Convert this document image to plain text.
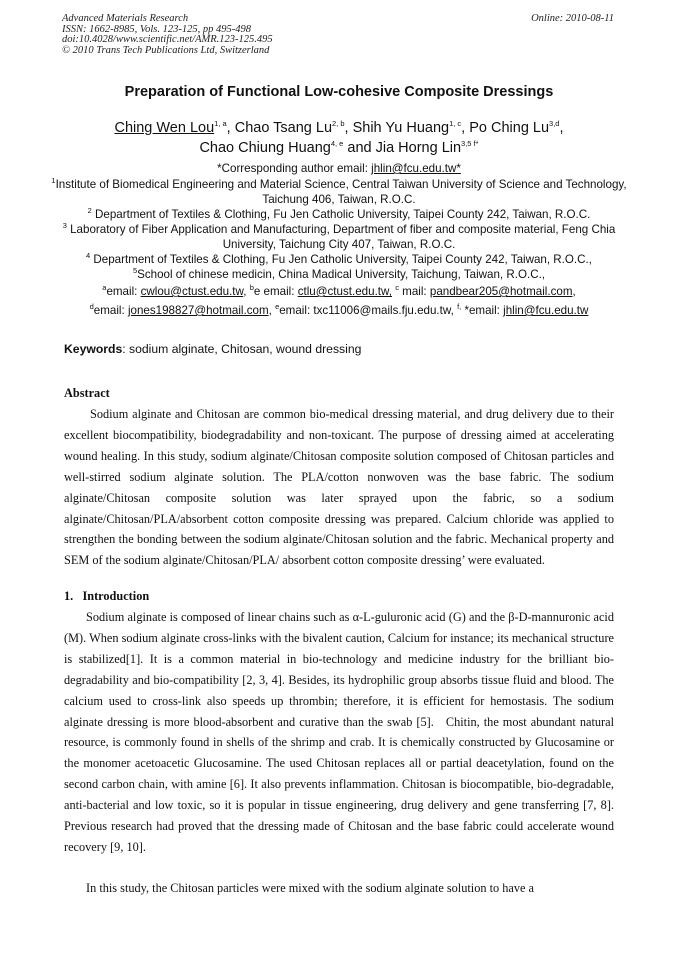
Advanced Materials Research
ISSN: 1662-8985, Vols. 123-125, pp 495-498
doi:10.4028/www.scientific.net/AMR.123-125.495
© 2010 Trans Tech Publications Ltd, Switzerland
Online: 2010-08-11
Preparation of Functional Low-cohesive Composite Dressings
Ching Wen Lou$^{1, a}$, Chao Tsang Lu$^{2, b}$, Shih Yu Huang$^{1, c}$, Po Ching Lu$^{3,d}$,
Chao Chiung Huang$^{4, e}$ and Jia Horng Lin$^{3,5 f*}$
*Corresponding author email: jhlin@fcu.edu.tw*
$^1$Institute of Biomedical Engineering and Material Science, Central Taiwan University of Science and Technology, Taichung 406, Taiwan, R.O.C.
$^2$ Department of Textiles & Clothing, Fu Jen Catholic University, Taipei County 242, Taiwan, R.O.C.
$^3$ Laboratory of Fiber Application and Manufacturing, Department of fiber and composite material, Feng Chia University, Taichung City 407, Taiwan, R.O.C.
$^4$ Department of Textiles & Clothing, Fu Jen Catholic University, Taipei County 242, Taiwan, R.O.C.,
$^5$School of chinese medicin, China Madical University, Taichung, Taiwan, R.O.C.,
$^a$email: cwlou@ctust.edu.tw, $^b$e email: ctlu@ctust.edu.tw, $^c$ mail: pandbear205@hotmail.com,
$^d$email: jones198827@hotmail.com, $^e$email: txc11006@mails.fju.edu.tw, $^{f,}$ *email: jhlin@fcu.edu.tw
Keywords: sodium alginate, Chitosan, wound dressing
Abstract
Sodium alginate and Chitosan are common bio-medical dressing material, and drug delivery due to their excellent biocompatibility, biodegradability and non-toxicant. The purpose of dressing aimed at accelerating wound healing. In this study, sodium alginate/Chitosan composite solution composed of Chitosan particles and well-stirred sodium alginate solution. The PLA/cotton nonwoven was the base fabric. The sodium alginate/Chitosan composite solution was later sprayed upon the fabric, so a sodium alginate/Chitosan/PLA/absorbent cotton composite dressing was prepared. Calcium chloride was applied to strengthen the bonding between the sodium alginate/Chitosan solution and the fabric. Mechanical property and SEM of the sodium alginate/Chitosan/PLA/ absorbent cotton composite dressing’ were evaluated.
1.   Introduction
Sodium alginate is composed of linear chains such as α-L-guluronic acid (G) and the β-D-mannuronic acid (M). When sodium alginate cross-links with the bivalent caution, Calcium for instance; its mechanical structure is stabilized[1]. It is a common material in bio-technology and medicine industry for the brilliant bio-degradability and bio-compatibility [2, 3, 4]. Besides, its hydrophilic group absorbs tissue fluid and blood. The calcium used to cross-link also speeds up thrombin; therefore, it is efficient for hemostasis. The sodium alginate dressing is more blood-absorbent and curative than the swab [5].   Chitin, the most abundant natural resource, is commonly found in shells of the shrimp and crab. It is chemically constructed by Glucosamine or the monomer acetoacetic Glucosamine. The used Chitosan replaces all or partial deacetylation, found on the second carbon chain, with amine [6]. It also prevents inflammation. Chitosan is biocompatible, bio-degradable, anti-bacterial and low toxic, so it is popular in tissue engineering, drug delivery and gene transferring [7, 8]. Previous research had proved that the dressing made of Chitosan and the base fabric could accelerate wound recovery [9, 10].
In this study, the Chitosan particles were mixed with the sodium alginate solution to have a
